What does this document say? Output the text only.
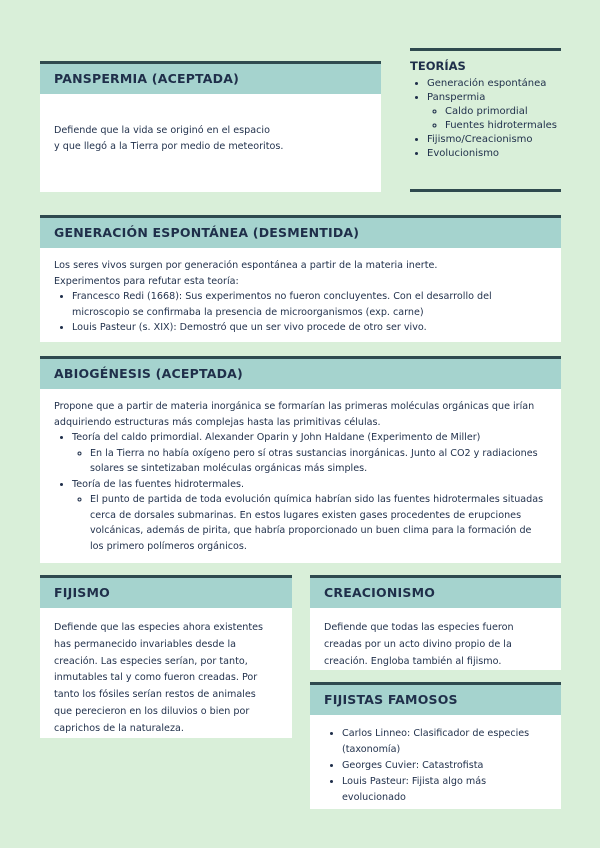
PANSPERMIA (ACEPTADA)

Defiende que la vida se originó en el espacio

y que llegó a la Tierra por medio de meteoritos.

TEORÍAS
• Generación espontánea
• Panspermia
◦ Caldo primordial
◦ Fuentes hidrotermales
• Fijismo/Creacionismo
• Evolucionismo
GENERACIÓN ESPONTÁNEA (DESMENTIDA)

Los seres vivos surgen por generación espontánea a partir de la materia inerte.

Experimentos para refutar esta teoría:

• Francesco Redi (1668): Sus experimentos no fueron concluyentes. Con el desarrollo del microscopio se confirmaba la presencia de microorganismos (exp. carne)
• Louis Pasteur (s. XIX): Demostró que un ser vivo procede de otro ser vivo.
ABIOGÉNESIS (ACEPTADA)

Propone que a partir de materia inorgánica se formarían las primeras moléculas orgánicas que irían adquiriendo estructuras más complejas hasta las primitivas células.

• Teoría del caldo primordial. Alexander Oparin y John Haldane (Experimento de Miller)
◦ En la Tierra no había oxígeno pero sí otras sustancias inorgánicas. Junto al CO2 y radiaciones solares se sintetizaban moléculas orgánicas más simples.
• Teoría de las fuentes hidrotermales.
◦ El punto de partida de toda evolución química habrían sido las fuentes hidrotermales situadas cerca de dorsales submarinas. En estos lugares existen gases procedentes de erupciones volcánicas, además de pirita, que habría proporcionado un buen clima para la formación de los primero polímeros orgánicos.
FIJISMO

Defiende que las especies ahora existentes has permanecido invariables desde la creación. Las especies serían, por tanto, inmutables tal y como fueron creadas. Por tanto los fósiles serían restos de animales que perecieron en los diluvios o bien por caprichos de la naturaleza.

CREACIONISMO

Defiende que todas las especies fueron creadas por un acto divino propio de la creación. Engloba también al fijismo.

FIJISTAS FAMOSOS
• Carlos Linneo: Clasificador de especies (taxonomía)
• Georges Cuvier: Catastrofista
• Louis Pasteur: Fijista algo más evolucionado
